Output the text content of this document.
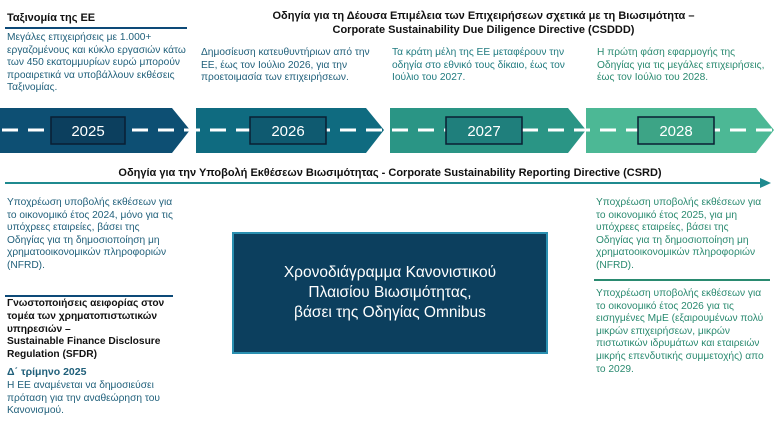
Ταξινομία της ΕΕ
Μεγάλες επιχειρήσεις με 1.000+ εργαζομένους και κύκλο εργασιών κάτω των 450 εκατομμυρίων ευρώ μπορούν προαιρετικά να υποβάλλουν εκθέσεις Ταξινομίας.
Οδηγία για τη Δέουσα Επιμέλεια των Επιχειρήσεων σχετικά με τη Βιωσιμότητα –
Corporate Sustainability Due Diligence Directive (CSDDD)
Δημοσίευση κατευθυντήριων από την ΕΕ, έως τον Ιούλιο 2026, για την προετοιμασία των επιχειρήσεων.
Τα κράτη μέλη της ΕΕ μεταφέρουν την οδηγία στο εθνικό τους δίκαιο, έως τον Ιούλιο του 2027.
Η πρώτη φάση εφαρμογής της Οδηγίας για τις μεγάλες επιχειρήσεις, έως τον Ιούλιο του 2028.
2025	2026	2027	2028
Οδηγία για την Υποβολή Εκθέσεων Βιωσιμότητας - Corporate Sustainability Reporting Directive (CSRD)
Υποχρέωση υποβολής εκθέσεων για το οικονομικό έτος 2024, μόνο για τις υπόχρεες εταιρείες, βάσει της Οδηγίας για τη δημοσιοποίηση μη χρηματοοικονομικών πληροφοριών (NFRD).
Γνωστοποιήσεις αειφορίας στον τομέα των χρηματοπιστωτικών υπηρεσιών –
Sustainable Finance Disclosure Regulation (SFDR)
Δ΄ τρίμηνο 2025
Η ΕΕ αναμένεται να δημοσιεύσει πρόταση για την αναθεώρηση του Κανονισμού.
Χρονοδιάγραμμα Κανονιστικού
Πλαισίου Βιωσιμότητας,
βάσει της Οδηγίας Omnibus
Υποχρέωση υποβολής εκθέσεων για το οικονομικό έτος 2025, για μη υπόχρεες εταιρείες, βάσει της Οδηγίας για τη δημοσιοποίηση μη χρηματοοικονομικών πληροφοριών (NFRD).
Υποχρέωση υποβολής εκθέσεων για το οικονομικό έτος 2026 για τις εισηγμένες ΜμΕ (εξαιρουμένων πολύ μικρών επιχειρήσεων, μικρών πιστωτικών ιδρυμάτων και εταιρειών μικρής επενδυτικής συμμετοχής) απο το 2029.
